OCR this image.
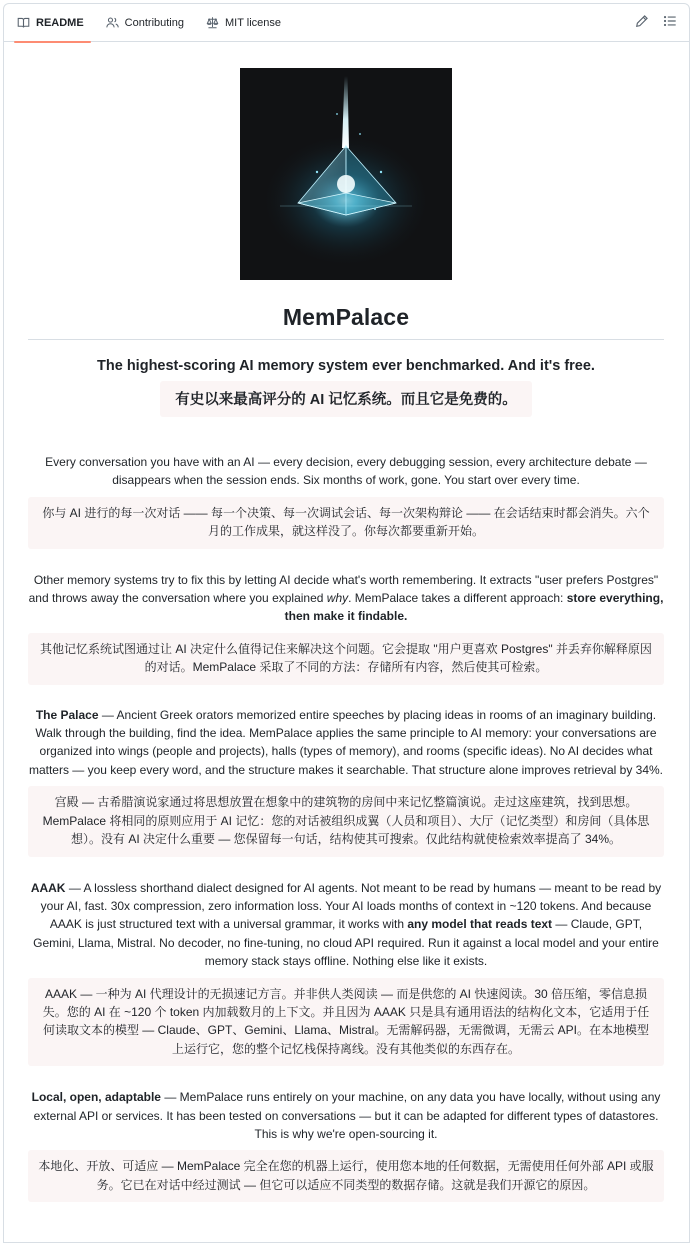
README	Contributing	MIT license
MemPalace

The highest-scoring AI memory system ever benchmarked. And it's free.

有史以来最高评分的 AI 记忆系统。而且它是免费的。

Every conversation you have with an AI — every decision, every debugging session, every architecture debate — disappears when the session ends. Six months of work, gone. You start over every time.

你与 AI 进行的每一次对话 —— 每一个决策、每一次调试会话、每一次架构辩论 —— 在会话结束时都会消失。六个月的工作成果，就这样没了。你每次都要重新开始。

Other memory systems try to fix this by letting AI decide what's worth remembering. It extracts "user prefers Postgres" and throws away the conversation where you explained why. MemPalace takes a different approach: store everything, then make it findable.

其他记忆系统试图通过让 AI 决定什么值得记住来解决这个问题。它会提取 "用户更喜欢 Postgres" 并丢弃你解释原因的对话。MemPalace 采取了不同的方法：存储所有内容，然后使其可检索。

The Palace — Ancient Greek orators memorized entire speeches by placing ideas in rooms of an imaginary building. Walk through the building, find the idea. MemPalace applies the same principle to AI memory: your conversations are organized into wings (people and projects), halls (types of memory), and rooms (specific ideas). No AI decides what matters — you keep every word, and the structure makes it searchable. That structure alone improves retrieval by 34%.

宫殿 — 古希腊演说家通过将思想放置在想象中的建筑物的房间中来记忆整篇演说。走过这座建筑，找到思想。MemPalace 将相同的原则应用于 AI 记忆：您的对话被组织成翼（人员和项目）、大厅（记忆类型）和房间（具体思想）。没有 AI 决定什么重要 — 您保留每一句话，结构使其可搜索。仅此结构就使检索效率提高了 34%。

AAAK — A lossless shorthand dialect designed for AI agents. Not meant to be read by humans — meant to be read by your AI, fast. 30x compression, zero information loss. Your AI loads months of context in ~120 tokens. And because AAAK is just structured text with a universal grammar, it works with any model that reads text — Claude, GPT, Gemini, Llama, Mistral. No decoder, no fine-tuning, no cloud API required. Run it against a local model and your entire memory stack stays offline. Nothing else like it exists.

AAAK — 一种为 AI 代理设计的无损速记方言。并非供人类阅读 — 而是供您的 AI 快速阅读。30 倍压缩，零信息损失。您的 AI 在 ~120 个 token 内加载数月的上下文。并且因为 AAAK 只是具有通用语法的结构化文本，它适用于任何读取文本的模型 — Claude、GPT、Gemini、Llama、Mistral。无需解码器，无需微调，无需云 API。在本地模型上运行它，您的整个记忆栈保持离线。没有其他类似的东西存在。

Local, open, adaptable — MemPalace runs entirely on your machine, on any data you have locally, without using any external API or services. It has been tested on conversations — but it can be adapted for different types of datastores. This is why we're open-sourcing it.

本地化、开放、可适应 — MemPalace 完全在您的机器上运行，使用您本地的任何数据，无需使用任何外部 API 或服务。它已在对话中经过测试 — 但它可以适应不同类型的数据存储。这就是我们开源它的原因。
